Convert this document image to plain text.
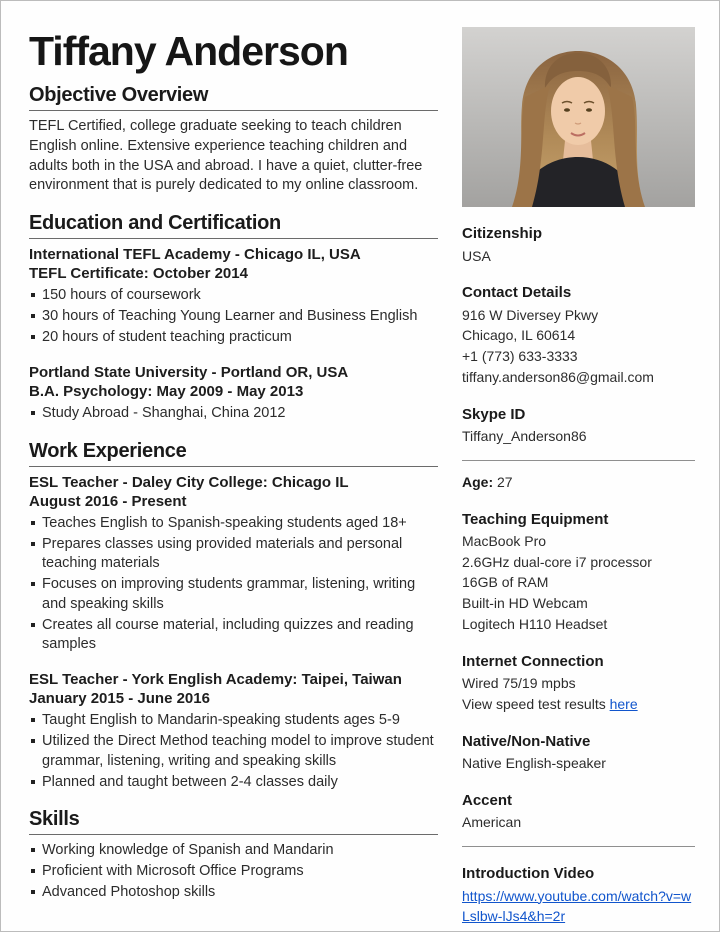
Tiffany Anderson
Objective Overview

TEFL Certified, college graduate seeking to teach children English online. Extensive experience teaching children and adults both in the USA and abroad. I have a quiet, clutter-free environment that is purely dedicated to my online classroom.

Education and Certification
International TEFL Academy - Chicago IL, USA
TEFL Certificate: October 2014
150 hours of coursework
30 hours of Teaching Young Learner and Business English
20 hours of student teaching practicum
Portland State University - Portland OR, USA
B.A. Psychology: May 2009 - May 2013
Study Abroad - Shanghai, China 2012
Work Experience
ESL Teacher - Daley City College: Chicago IL
August 2016 - Present
Teaches English to Spanish-speaking students aged 18+
Prepares classes using provided materials and personal teaching materials
Focuses on improving students grammar, listening, writing and speaking skills
Creates all course material, including quizzes and reading samples
ESL Teacher - York English Academy: Taipei, Taiwan
January 2015 - June 2016
Taught English to Mandarin-speaking students ages 5-9
Utilized the Direct Method teaching model to improve student grammar, listening, writing and speaking skills
Planned and taught between 2-4 classes daily
Skills
Working knowledge of Spanish and Mandarin
Proficient with Microsoft Office Programs
Advanced Photoshop skills
Citizenship

USA

Contact Details

916 W Diversey Pkwy

Chicago, IL 60614

+1 (773) 633-3333

tiffany.anderson86@gmail.com

Skype ID

Tiffany_Anderson86

Age: 27

Teaching Equipment

MacBook Pro

2.6GHz dual-core i7 processor

16GB of RAM

Built-in HD Webcam

Logitech H110 Headset

Internet Connection

Wired 75/19 mpbs

View speed test results here

Native/Non-Native

Native English-speaker

Accent

American

Introduction Video

https://www.youtube.com/watch?v=wLslbw-lJs4&h=2r
